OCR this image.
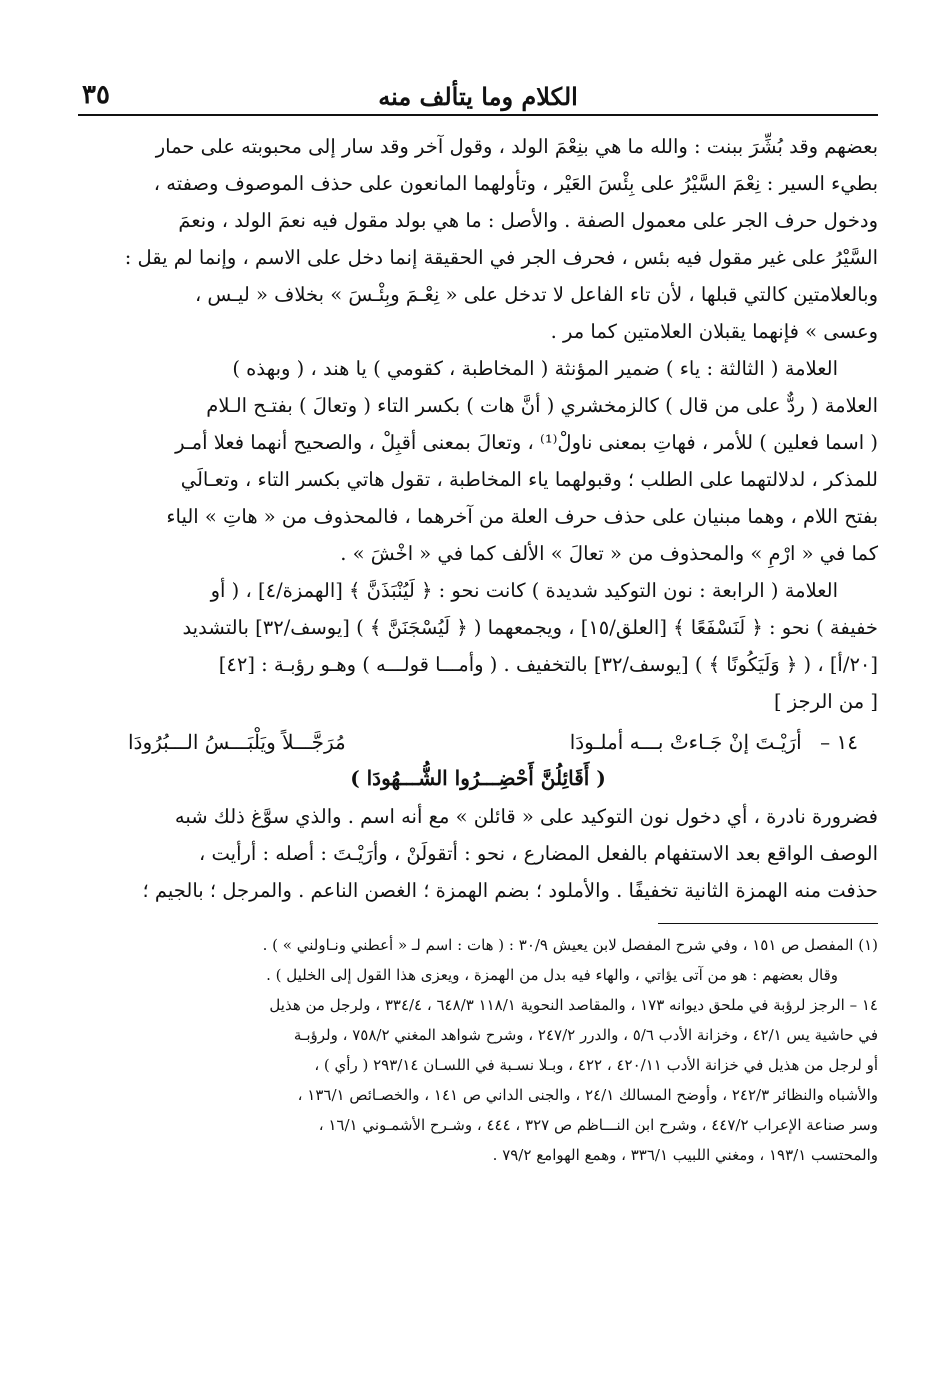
الكلام وما يتألف منه
٣٥

بعضهم وقد بُشِّرَ ببنت : والله ما هي بنِعْمَ الولد ، وقول آخر وقد سار إلى محبوبته على حمار
بطيء السير : نِعْمَ السَّيْرُ على بِئْسَ العَيْر ، وتأولهما المانعون على حذف الموصوف وصفته ،
ودخول حرف الجر على معمول الصفة . والأصل : ما هي بولد مقول فيه نعمَ الولد ، ونعمَ
السَّيْرُ على غير مقول فيه بئس ، فحرف الجر في الحقيقة إنما دخل على الاسم ، وإنما لم يقل :
وبالعلامتين كالتي قبلها ، لأن تاء الفاعل لا تدخل على « نِعْـمَ وبِئْـسَ » بخلاف « ليـس ،
وعسى » فإنهما يقبلان العلامتين كما مر .

العلامة ( الثالثة : ياء ) ضمير المؤنثة ( المخاطبة ، كقومي ) يا هند ، ( وبهذه )
العلامة ( ردٌّ على من قال ) كالزمخشري ( أنَّ هات ) بكسر التاء ( وتعالَ ) بفتـح الـلام
( اسما فعلين ) للأمر ، فهاتِ بمعنى ناولْ⁽¹⁾ ، وتعالَ بمعنى أقبِلْ ، والصحيح أنهما فعلا أمـر
للمذكر ، لدلالتهما على الطلب ؛ وقبولهما ياء المخاطبة ، تقول هاتي بكسر التاء ، وتعـالَي
بفتح اللام ، وهما مبنيان على حذف حرف العلة من آخرهما ، فالمحذوف من « هاتِ » الياء
كما في « ارْمِ » والمحذوف من « تعالَ » الألف كما في « اخْشَ » .

العلامة ( الرابعة : نون التوكيد شديدة ) كانت نحو : ﴿ لَيُنْبَذَنَّ ﴾ [الهمزة/٤] ، ( أو
خفيفة ) نحو : ﴿ لَنَسْفَعًا ﴾ [العلق/١٥] ، ويجمعهما ( ﴿ لَيُسْجَنَنَّ ﴾ ) [يوسف/٣٢] بالتشديد
[٢٠/أ] ، ( ﴿ وَلَيَكُونًا ﴾ ) [يوسف/٣٢] بالتخفيف . ( وأمـــا قولـــه ) وهـو رؤبـة : [٤٢]
[ من الرجز ]

١٤ – أرَيْـتَ إنْ جَـاءتْ بـــه أملـودَا
مُرَجَّـــلاً ويَلْبَـــسُ الـــبُرُودَا
( أَقَائِلُنَّ أَحْضِـــرُوا الشُّـــهُودَا )

فضرورة نادرة ، أي دخول نون التوكيد على « قائلن » مع أنه اسم . والذي سوَّغ ذلك شبه
الوصف الواقع بعد الاستفهام بالفعل المضارع ، نحو : أتقولَنْ ، وأرَيْـتَ : أصله : أرأيت ،
حذفت منه الهمزة الثانية تخفيفًا . والأملود ؛ بضم الهمزة ؛ الغصن الناعم . والمرجل ؛ بالجيم ؛

(١) المفصل ص ١٥١ ، وفي شرح المفصل لابن يعيش ٣٠/٩ : ( هات : اسم لـ « أعطني ونـاولني » ) .
وقال بعضهم : هو من آتى يؤاتي ، والهاء فيه بدل من الهمزة ، ويعزى هذا القول إلى الخليل ) .

١٤ – الرجز لرؤبة في ملحق ديوانه ١٧٣ ، والمقاصد النحوية ١١٨/١ ٦٤٨/٣ ، ٣٣٤/٤ ، ولرجل من هذيل
في حاشية يس ٤٢/١ ، وخزانة الأدب ٥/٦ ، والدرر ٢٤٧/٢ ، وشرح شواهد المغني ٧٥٨/٢ ، ولرؤبـة
أو لرجل من هذيل في خزانة الأدب ٤٢٠/١١ ، ٤٢٢ ، وبـلا نسـبة في اللسـان ٢٩٣/١٤ ( رأي ) ،
والأشباه والنظائر ٢٤٢/٣ ، وأوضح المسالك ٢٤/١ ، والجنى الداني ص ١٤١ ، والخصـائص ١٣٦/١ ،
وسر صناعة الإعراب ٤٤٧/٢ ، وشرح ابن النـــاظم ص ٣٢٧ ، ٤٤٤ ، وشـرح الأشمـوني ١٦/١ ،
والمحتسب ١٩٣/١ ، ومغني اللبيب ٣٣٦/١ ، وهمع الهوامع ٧٩/٢ .
